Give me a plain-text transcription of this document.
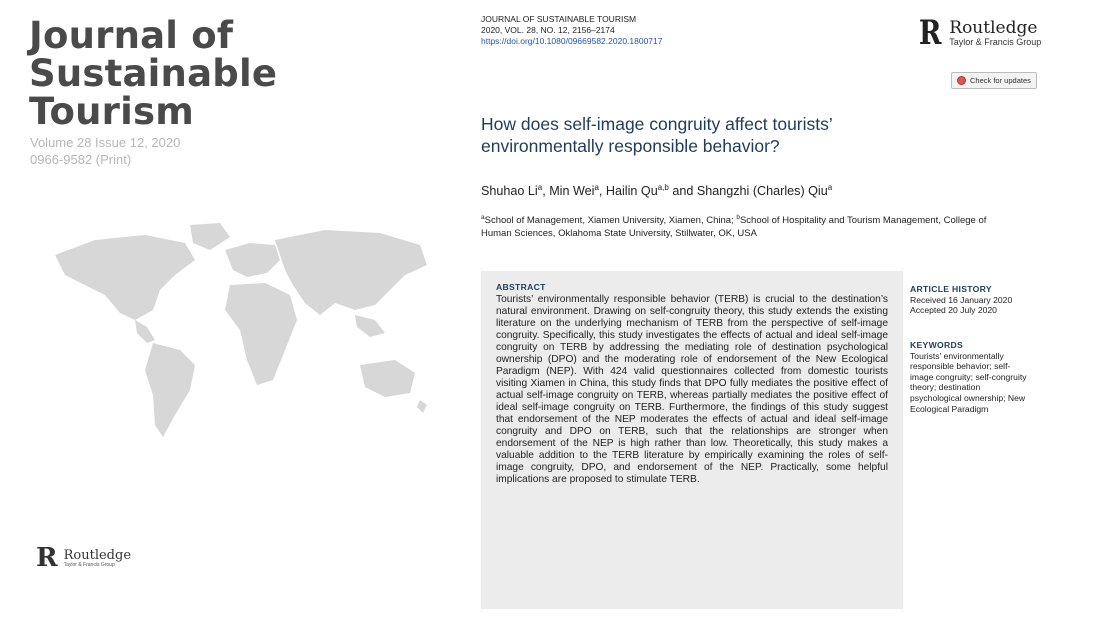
Journal of
Sustainable
Tourism
Volume 28 Issue 12, 2020
0966-9582 (Print)
R Routledge
Taylor & Francis Group
JOURNAL OF SUSTAINABLE TOURISM
2020, VOL. 28, NO. 12, 2156–2174
https://doi.org/10.1080/09669582.2020.1800717	R Routledge
Taylor & Francis Group
Check for updates
How does self-image congruity affect tourists’ environmentally responsible behavior?
Shuhao Li$^a$, Min Wei$^a$, Hailin Qu$^{a,b}$ and Shangzhi (Charles) Qiu$^a$
$^a$School of Management, Xiamen University, Xiamen, China; $^b$School of Hospitality and Tourism Management, College of Human Sciences, Oklahoma State University, Stillwater, OK, USA
ABSTRACT
Tourists’ environmentally responsible behavior (TERB) is crucial to the destination’s natural environment. Drawing on self-congruity theory, this study extends the existing literature on the underlying mechanism of TERB from the perspective of self-image congruity. Specifically, this study investigates the effects of actual and ideal self-image congruity on TERB by addressing the mediating role of destination psychological ownership (DPO) and the moderating role of endorsement of the New Ecological Paradigm (NEP). With 424 valid questionnaires collected from domestic tourists visiting Xiamen in China, this study finds that DPO fully mediates the positive effect of actual self-image congruity on TERB, whereas partially mediates the positive effect of ideal self-image congruity on TERB. Furthermore, the findings of this study suggest that endorsement of the NEP moderates the effects of actual and ideal self-image congruity and DPO on TERB, such that the relationships are stronger when endorsement of the NEP is high rather than low. Theoretically, this study makes a valuable addition to the TERB literature by empirically examining the roles of self-image congruity, DPO, and endorsement of the NEP. Practically, some helpful implications are proposed to stimulate TERB.
ARTICLE HISTORY
Received 16 January 2020
Accepted 20 July 2020
KEYWORDS
Tourists’ environmentally responsible behavior; self-image congruity; self-congruity theory; destination psychological ownership; New Ecological Paradigm
